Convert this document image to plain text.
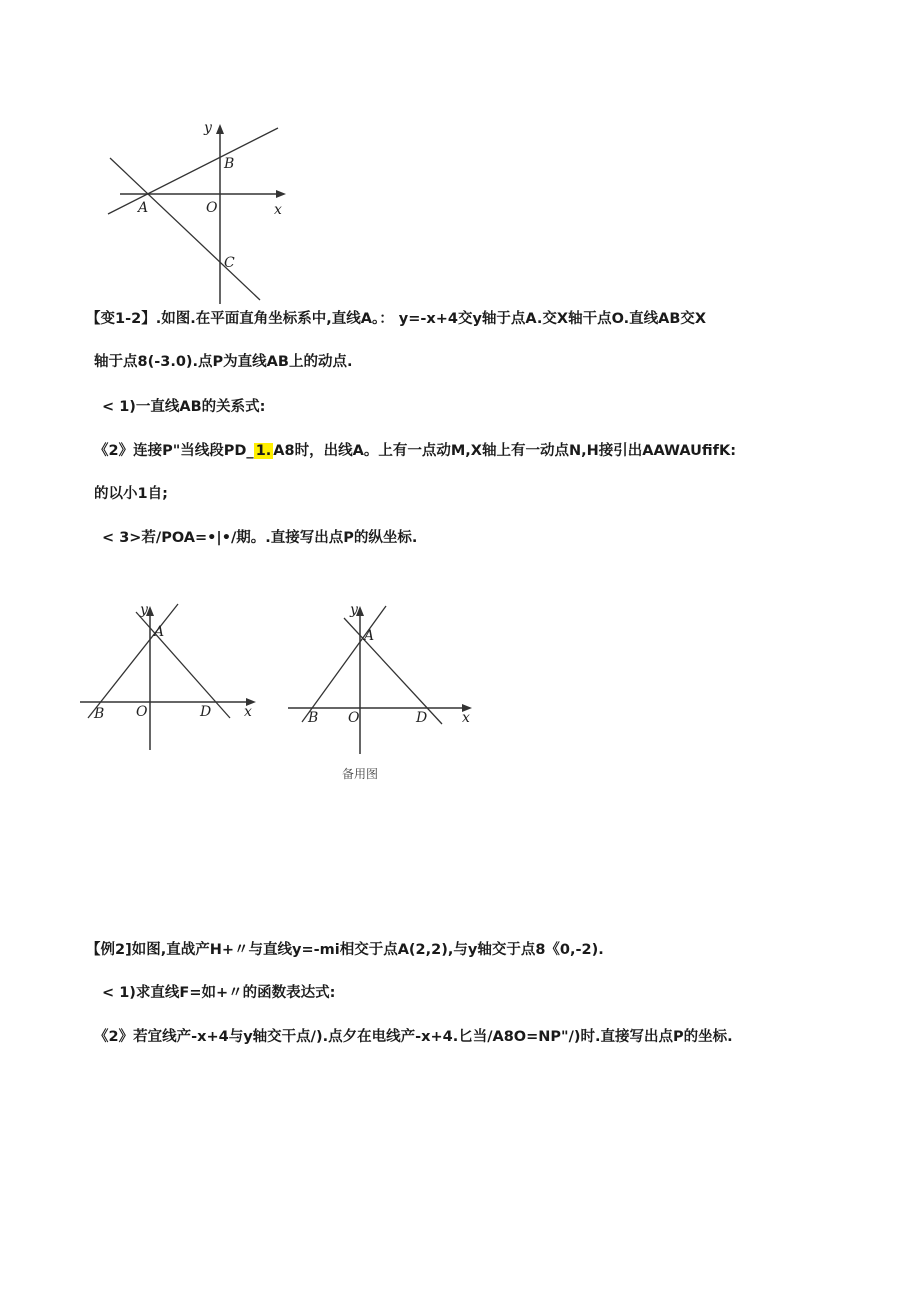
y
x
O
A
B
C
【变1-2】.如图.在平面直角坐标系中,直线A。： y=-x+4交y轴于点A.交X轴干点O.直线AB交X
轴于点8(-3.0).点P为直线AB上的动点.
< 1)一直线AB的关系式:
《2》连接P"当线段PD_ 1. A8时，出线A。上有一点动M,X轴上有一动点N,H接引出AAWAUfifK:
的以小1自;
< 3>若/POA=•|•/期。.直接写出点P的纵坐标.
y
x
O
A
B	D
y
x
O
A
B	D
备用图
【例2]如图,直战产H+〃与直线y=-mi相交于点A(2,2),与y轴交于点8《0,-2).
< 1)求直线F=如+〃的函数表达式:
《2》若宜线产-x+4与y轴交干点/).点夕在电线产-x+4.匕当/A8O=NP"/)时.直接写出点P的坐标.
